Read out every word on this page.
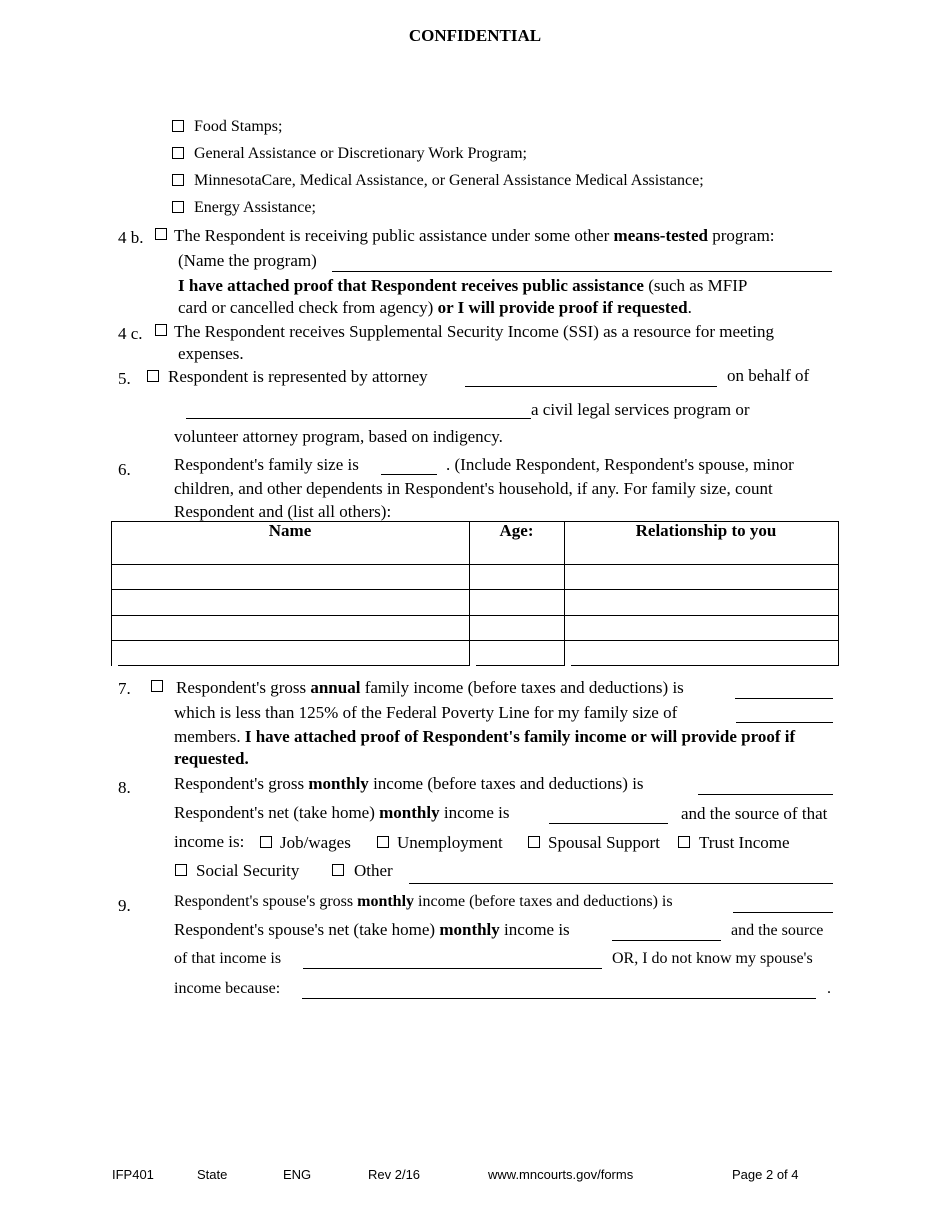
CONFIDENTIAL
Food Stamps;
General Assistance or Discretionary Work Program;
MinnesotaCare, Medical Assistance, or General Assistance Medical Assistance;
Energy Assistance;
4 b. The Respondent is receiving public assistance under some other means-tested program:
(Name the program)
I have attached proof that Respondent receives public assistance (such as MFIP
card or cancelled check from agency) or I will provide proof if requested.
4 c. The Respondent receives Supplemental Security Income (SSI) as a resource for meeting
expenses.
5. Respondent is represented by attorney	on behalf of
a civil legal services program or
volunteer attorney program, based on indigency.
6.	Respondent's family size is	. (Include Respondent, Respondent's spouse, minor
children, and other dependents in Respondent's household, if any. For family size, count
Respondent and (list all others):
Name	Age:	Relationship to you
7.	Respondent's gross annual family income (before taxes and deductions) is
which is less than 125% of the Federal Poverty Line for my family size of
members. I have attached proof of Respondent's family income or will provide proof if
requested.
8.	Respondent's gross monthly income (before taxes and deductions) is
Respondent's net (take home) monthly income is	and the source of that
income is: Job/wages	Unemployment	Spousal Support Trust Income
Social Security	Other
9.	Respondent's spouse's gross monthly income (before taxes and deductions) is
Respondent's spouse's net (take home) monthly income is	and the source
of that income is	OR, I do not know my spouse's
income because:	.
IFP401	State	ENG	Rev 2/16	www.mncourts.gov/forms	Page 2 of 4
